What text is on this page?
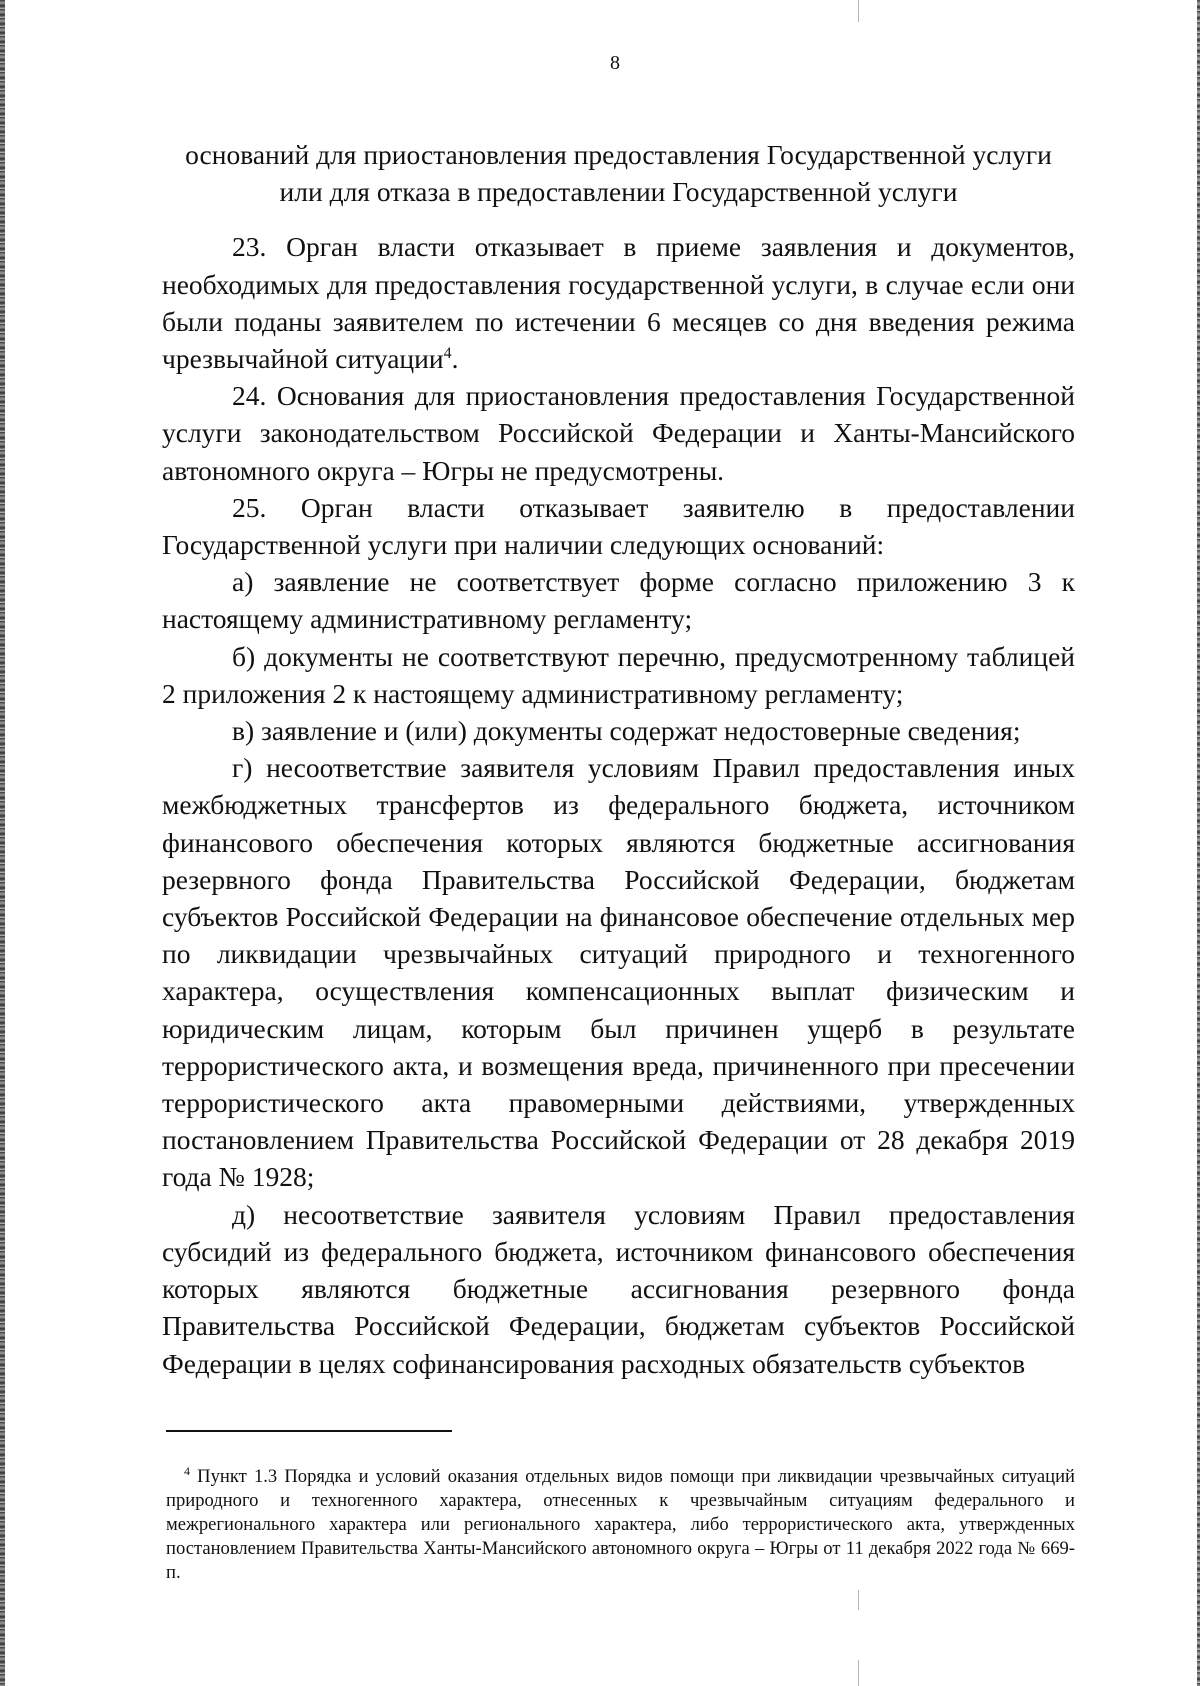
8

оснований для приостановления предоставления Государственной услуги
или для отказа в предоставлении Государственной услуги

23. Орган власти отказывает в приеме заявления и документов, необходимых для предоставления государственной услуги, в случае если они были поданы заявителем по истечении 6 месяцев со дня введения режима чрезвычайной ситуации$^4$.

24. Основания для приостановления предоставления Государственной услуги законодательством Российской Федерации и Ханты-Мансийского автономного округа – Югры не предусмотрены.

25. Орган власти отказывает заявителю в предоставлении Государственной услуги при наличии следующих оснований:

а) заявление не соответствует форме согласно приложению 3 к настоящему административному регламенту;

б) документы не соответствуют перечню, предусмотренному таблицей 2 приложения 2 к настоящему административному регламенту;

в) заявление и (или) документы содержат недостоверные сведения;

г) несоответствие заявителя условиям Правил предоставления иных межбюджетных трансфертов из федерального бюджета, источником финансового обеспечения которых являются бюджетные ассигнования резервного фонда Правительства Российской Федерации, бюджетам субъектов Российской Федерации на финансовое обеспечение отдельных мер по ликвидации чрезвычайных ситуаций природного и техногенного характера, осуществления компенсационных выплат физическим и юридическим лицам, которым был причинен ущерб в результате террористического акта, и возмещения вреда, причиненного при пресечении террористического акта правомерными действиями, утвержденных постановлением Правительства Российской Федерации от 28 декабря 2019 года № 1928;

д) несоответствие заявителя условиям Правил предоставления субсидий из федерального бюджета, источником финансового обеспечения которых являются бюджетные ассигнования резервного фонда Правительства Российской Федерации, бюджетам субъектов Российской Федерации в целях софинансирования расходных обязательств субъектов

$^4$ Пункт 1.3 Порядка и условий оказания отдельных видов помощи при ликвидации чрезвычайных ситуаций природного и техногенного характера, отнесенных к чрезвычайным ситуациям федерального и межрегионального характера или регионального характера, либо террористического акта, утвержденных постановлением Правительства Ханты-Мансийского автономного округа – Югры от 11 декабря 2022 года № 669-п.
